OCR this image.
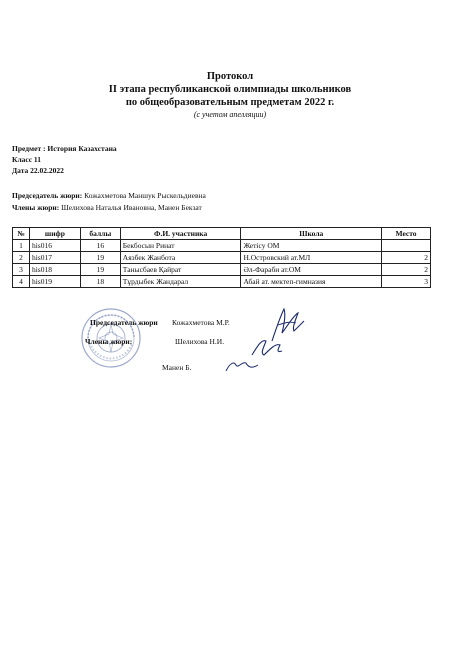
Протокол
II этапа республиканской олимпиады школьников
по общеобразовательным предметам 2022 г.
(с учетом апелляции)
Предмет : История Казахстана
Класс 11
Дата 22.02.2022
Председатель жюри: Кожахметова Маншук Рыскельдиевна
Члены жюри: Шелихова Наталья Ивановна, Манен Бекзат
№	шифр	баллы	Ф.И. участника	Школа	Место
1	his016	16	Бекбосын Ринат	Жетісу ОМ	
2	his017	19	Аязбек Жанбота	Н.Островский ат.МЛ	2
3	his018	19	Таныcбаев Қайрат	Әл-Фараби ат.ОМ	2
4	his019	18	Тұрдыбек Жандарал	Абай ат. мектеп-гимназия	3
Председатель жюри Кожахметова М.Р.
Члены жюри:	Шелихова Н.И.
Манен Б.
